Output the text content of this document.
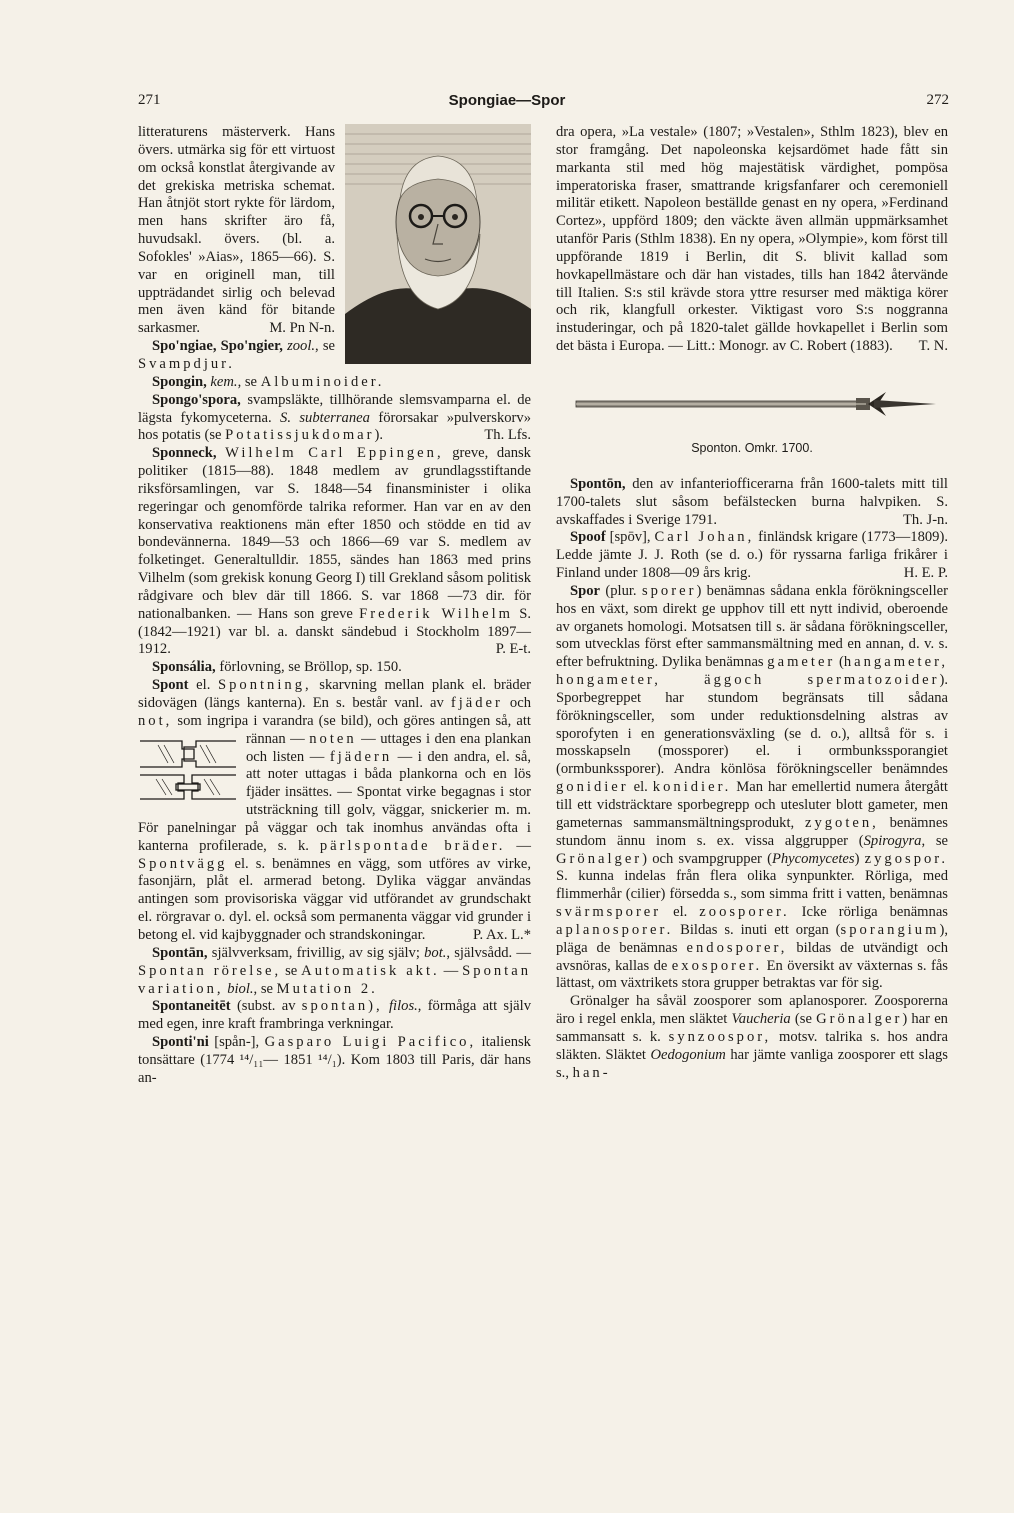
271	Spongiae—Spor	272

litteraturens mästerverk. Hans övers. utmärka sig för ett virtuost om också konstlat återgivande av det grekiska metriska schemat. Han åtnjöt stort rykte för lärdom, men hans skrifter äro få, huvudsakl. övers. (bl. a. Sofokles' »Aias», 1865—66). S. var en originell man, till uppträdandet sirlig och belevad men även känd för bitande sarkasmer.	M. Pn N-n.

Spo'ngiae, Spo'ngier, zool., se Svampdjur.

Spongin, kem., se Albuminoider.

Spongo'spora, svampsläkte, tillhörande slemsvamparna el. de lägsta fykomyceterna. S. subterranea förorsakar »pulverskorv» hos potatis (se Potatissjukdomar).	Th. Lfs.

Sponneck, Wilhelm Carl Eppingen, greve, dansk politiker (1815—88). 1848 medlem av grundlagsstiftande riksförsamlingen, var S. 1848—54 finansminister i olika regeringar och genomförde talrika reformer. Han var en av den konservativa reaktionens män efter 1850 och stödde en tid av bondevännerna. 1849—53 och 1866—69 var S. medlem av folketinget. Generaltulldir. 1855, sändes han 1863 med prins Vilhelm (som grekisk konung Georg I) till Grekland såsom politisk rådgivare och blev där till 1866. S. var 1868 —73 dir. för nationalbanken. — Hans son greve Frederik Wilhelm S. (1842—1921) var bl. a. danskt sändebud i Stockholm 1897— 1912.	P. E-t.

Sponsália, förlovning, se Bröllop, sp. 150.

Spont el. Spontning, skarvning mellan plank el. bräder sidovägen (längs kanterna). En s. består vanl. av fjäder och not, som ingripa i varandra (se bild), och göres antingen så, att rännan — noten — uttages i den ena plankan och listen — fjädern — i den andra, el. så, att noter uttagas i båda plankorna och en lös fjäder insättes. — Spontat virke begagnas i stor utsträckning till golv, väggar, snickerier m. m. För panelningar på väggar och tak inomhus användas ofta i kanterna profilerade, s. k. pärlspontade bräder. — Spontvägg el. s. benämnes en vägg, som utföres av virke, fasonjärn, plåt el. armerad betong. Dylika väggar användas antingen som provisoriska väggar vid utförandet av grundschakt el. rörgravar o. dyl. el. också som permanenta väggar vid grunder i betong el. vid kajbyggnader och strandskoningar.	P. Ax. L.*

Spontān, självverksam, frivillig, av sig själv; bot., självsådd. — Spontan rörelse, se Automatisk akt. — Spontan variation, biol., se Mutation 2.

Spontaneitēt (subst. av spontan), filos., förmåga att själv med egen, inre kraft frambringa verkningar.

Sponti'ni [spån-], Gasparo Luigi Pacifico, italiensk tonsättare (1774 ¹⁴/₁₁— 1851 ¹⁴/₁). Kom 1803 till Paris, där hans an-

dra opera, »La vestale» (1807; »Vestalen», Sthlm 1823), blev en stor framgång. Det napoleonska kejsardömet hade fått sin markanta stil med hög majestätisk värdighet, pompösa imperatoriska fraser, smattrande krigsfanfarer och ceremoniell militär etikett. Napoleon beställde genast en ny opera, »Ferdinand Cortez», uppförd 1809; den väckte även allmän uppmärksamhet utanför Paris (Sthlm 1838). En ny opera, »Olympie», kom först till uppförande 1819 i Berlin, dit S. blivit kallad som hovkapellmästare och där han vistades, tills han 1842 återvände till Italien. S:s stil krävde stora yttre resurser med mäktiga körer och rik, klangfull orkester. Viktigast voro S:s noggranna instuderingar, och på 1820-talet gällde hovkapellet i Berlin som det bästa i Europa. — Litt.: Monogr. av C. Robert (1883). T. N.

Sponton. Omkr. 1700.

Spontōn, den av infanteriofficerarna från 1600-talets mitt till 1700-talets slut såsom befälstecken burna halvpiken. S. avskaffades i Sverige 1791.	Th. J-n.

Spoof [spōv], Carl Johan, finländsk krigare (1773—1809). Ledde jämte J. J. Roth (se d. o.) för ryssarna farliga frikårer i Finland under 1808—09 års krig.	H. E. P.

Spor (plur. sporer) benämnas sådana enkla förökningsceller hos en växt, som direkt ge upphov till ett nytt individ, oberoende av organets homologi. Motsatsen till s. är sådana förökningsceller, som utvecklas först efter sammansmältning med en annan, d. v. s. efter befruktning. Dylika benämnas gameter (hangameter, hongameter, äggoch spermatozoider). Sporbegreppet har stundom begränsats till sådana förökningsceller, som under reduktionsdelning alstras av sporofyten i en generationsväxling (se d. o.), alltså för s. i mosskapseln (mossporer) el. i ormbunkssporangiet (ormbunkssporer). Andra könlösa förökningsceller benämndes gonidier el. konidier. Man har emellertid numera återgått till ett vidsträcktare sporbegrepp och utesluter blott gameter, men gameternas sammansmältningsprodukt, zygoten, benämnes stundom ännu inom s. ex. vissa alggrupper (Spirogyra, se Grönalger) och svampgrupper (Phycomycetes) zygospor. S. kunna indelas från flera olika synpunkter. Rörliga, med flimmerhår (cilier) försedda s., som simma fritt i vatten, benämnas svärmsporer el. zoosporer. Icke rörliga benämnas aplanosporer. Bildas s. inuti ett organ (sporangium), pläga de benämnas endosporer, bildas de utvändigt och avsnöras, kallas de exosporer. En översikt av växternas s. fås lättast, om växtrikets stora grupper betraktas var för sig.

Grönalger ha såväl zoosporer som aplanosporer. Zoosporerna äro i regel enkla, men släktet Vaucheria (se Grönalger) har en sammansatt s. k. synzoospor, motsv. talrika s. hos andra släkten. Släktet Oedogonium har jämte vanliga zoosporer ett slags s., han-
